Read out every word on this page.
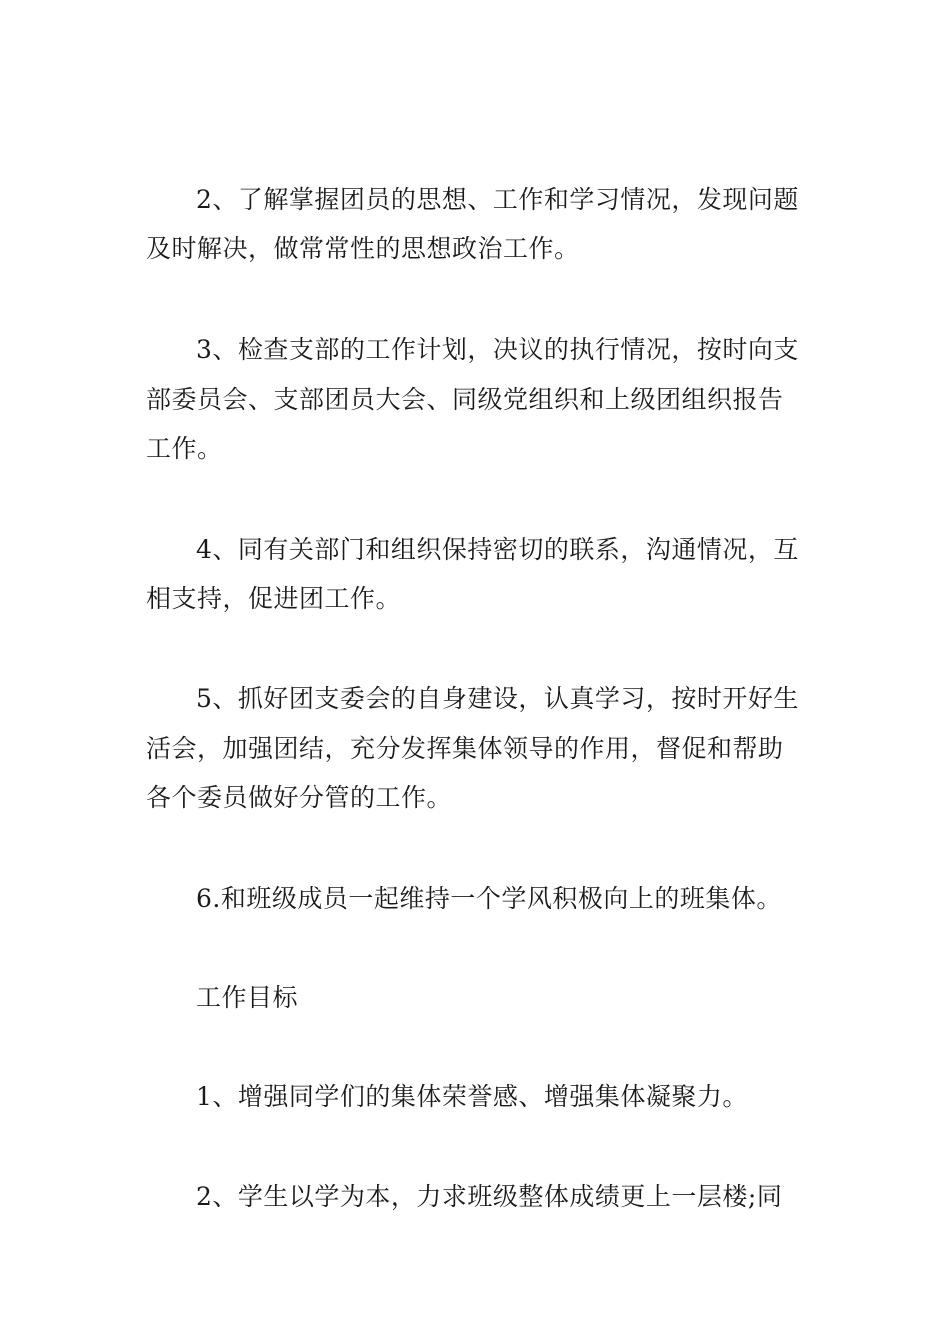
2、了解掌握团员的思想、工作和学习情况，发现问题
及时解决，做常常性的思想政治工作。
3、检查支部的工作计划，决议的执行情况，按时向支
部委员会、支部团员大会、同级党组织和上级团组织报告
工作。
4、同有关部门和组织保持密切的联系，沟通情况，互
相支持，促进团工作。
5、抓好团支委会的自身建设，认真学习，按时开好生
活会，加强团结，充分发挥集体领导的作用，督促和帮助
各个委员做好分管的工作。
6.和班级成员一起维持一个学风积极向上的班集体。
工作目标
1、增强同学们的集体荣誉感、增强集体凝聚力。
2、学生以学为本，力求班级整体成绩更上一层楼;同
